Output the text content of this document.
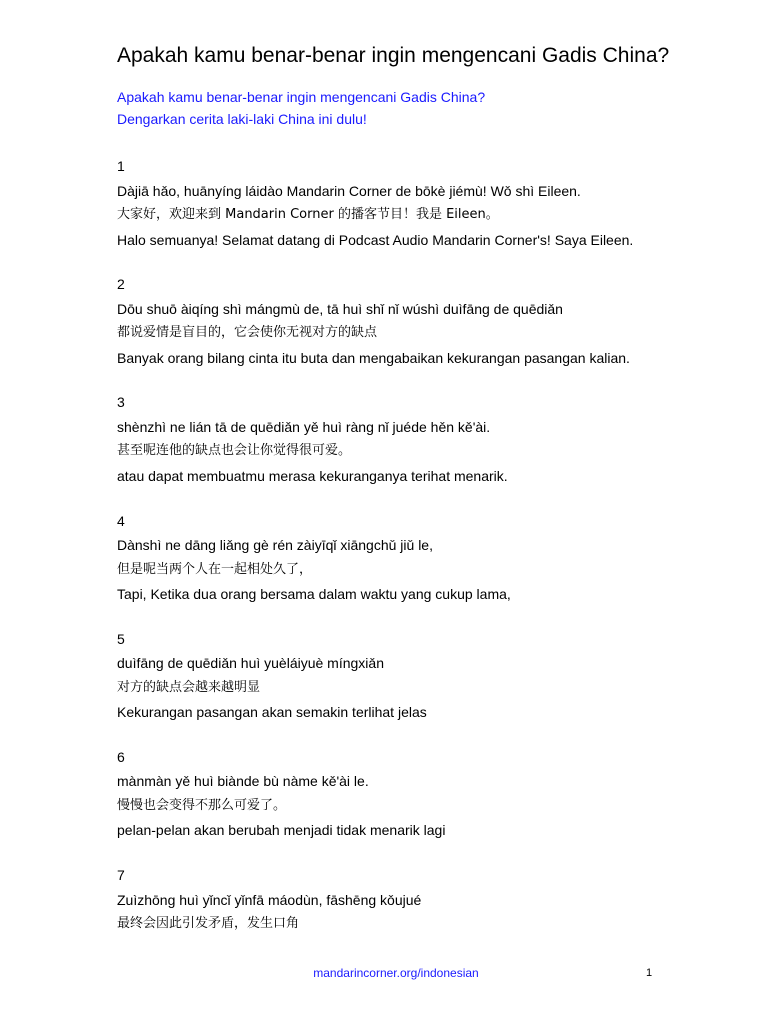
Apakah kamu benar-benar ingin mengencani Gadis China?
Apakah kamu benar-benar ingin mengencani Gadis China?
Dengarkan cerita laki-laki China ini dulu!
1
Dàjiā hǎo, huānyíng láidào Mandarin Corner de bōkè jiémù! Wǒ shì Eileen.
大家好，欢迎来到 Mandarin Corner 的播客节目！我是 Eileen。
Halo semuanya! Selamat datang di Podcast Audio Mandarin Corner's! Saya Eileen.
2
Dōu shuō àiqíng shì mángmù de, tā huì shǐ nǐ wúshì duìfāng de quēdiǎn
都说爱情是盲目的，它会使你无视对方的缺点
Banyak orang bilang cinta itu buta dan mengabaikan kekurangan pasangan kalian.
3
shènzhì ne lián tā de quēdiǎn yě huì ràng nǐ juéde hěn kě'ài.
甚至呢连他的缺点也会让你觉得很可爱。
atau dapat membuatmu merasa kekuranganya terihat menarik.
4
Dànshì ne dāng liǎng gè rén zàiyīqǐ xiāngchǔ jiǔ le,
但是呢当两个人在一起相处久了，
Tapi, Ketika dua orang bersama dalam waktu yang cukup lama,
5
duìfāng de quēdiǎn huì yuèláiyuè míngxiǎn
对方的缺点会越来越明显
Kekurangan pasangan akan semakin terlihat jelas
6
mànmàn yě huì biànde bù nàme kě'ài le.
慢慢也会变得不那么可爱了。
pelan-pelan akan berubah menjadi tidak menarik lagi
7
Zuìzhōng huì yǐncǐ yǐnfā máodùn, fāshēng kǒujué
最终会因此引发矛盾，发生口角
mandarincorner.org/indonesian	1
